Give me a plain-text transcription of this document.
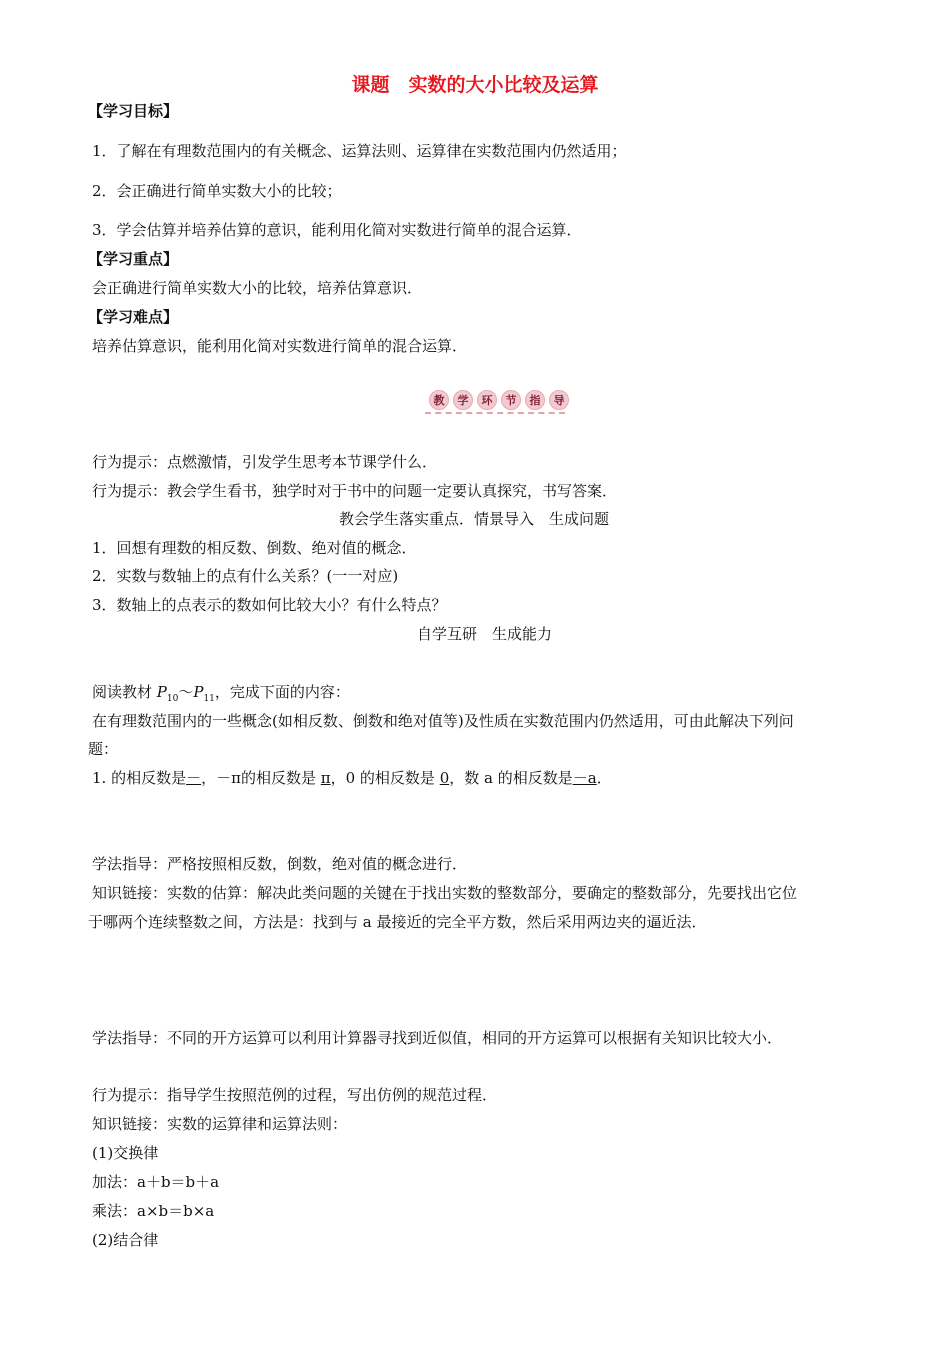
课题　实数的大小比较及运算
【学习目标】
1．了解在有理数范围内的有关概念、运算法则、运算律在实数范围内仍然适用；
2．会正确进行简单实数大小的比较；
3．学会估算并培养估算的意识，能利用化简对实数进行简单的混合运算．
【学习重点】
会正确进行简单实数大小的比较，培养估算意识．
【学习难点】
培养估算意识，能利用化简对实数进行简单的混合运算．
教	学	环	节	指	导
行为提示：点燃激情，引发学生思考本节课学什么．
行为提示：教会学生看书，独学时对于书中的问题一定要认真探究，书写答案．
教会学生落实重点．情景导入　生成问题
1．回想有理数的相反数、倒数、绝对值的概念．
2．实数与数轴上的点有什么关系？(一一对应)
3．数轴上的点表示的数如何比较大小？有什么特点？
自学互研　生成能力
阅读教材 $P_{10}\sim P_{11}$，完成下面的内容：
在有理数范围内的一些概念(如相反数、倒数和绝对值等)及性质在实数范围内仍然适用，可由此解决下列问
题：
1. 的相反数是－，－π的相反数是 π，0 的相反数是 0，数 a 的相反数是－a．
学法指导：严格按照相反数，倒数，绝对值的概念进行．
知识链接：实数的估算：解决此类问题的关键在于找出实数的整数部分，要确定的整数部分，先要找出它位
于哪两个连续整数之间，方法是：找到与 a 最接近的完全平方数，然后采用两边夹的逼近法．
学法指导：不同的开方运算可以利用计算器寻找到近似值，相同的开方运算可以根据有关知识比较大小．
行为提示：指导学生按照范例的过程，写出仿例的规范过程．
知识链接：实数的运算律和运算法则：
(1)交换律
加法：a＋b＝b＋a
乘法：a×b＝b×a
(2)结合律
